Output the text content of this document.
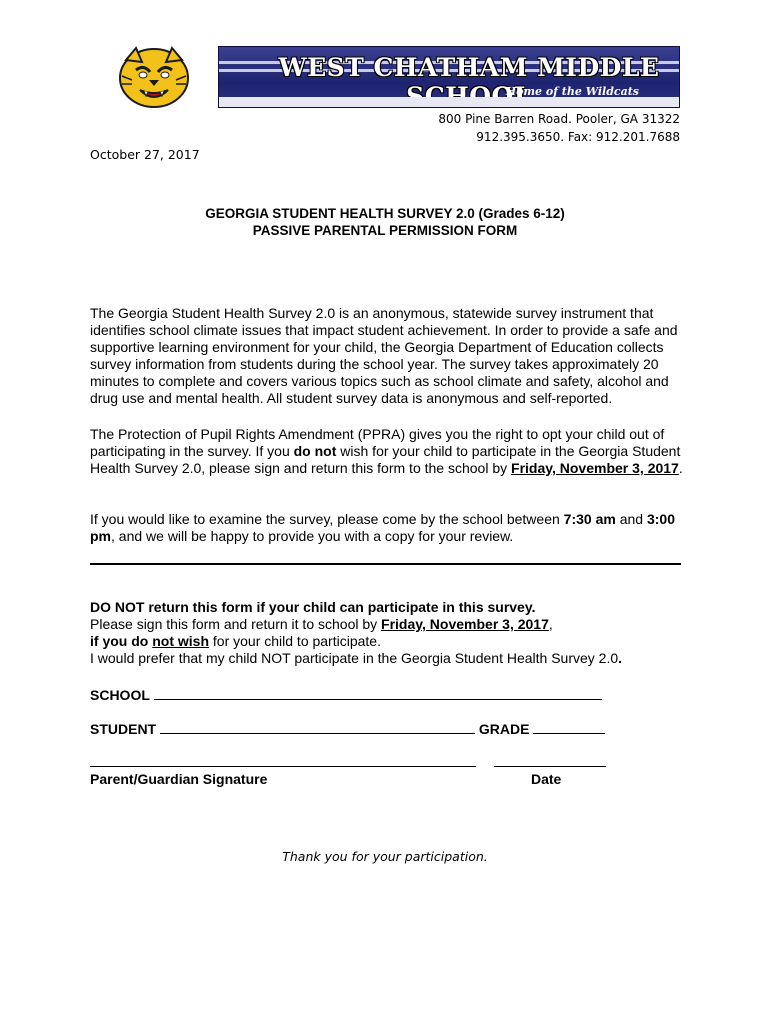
WEST CHATHAM MIDDLE
Home of the Wildcats
800 Pine Barren Road. Pooler, GA 31322
912.395.3650. Fax: 912.201.7688
October 27, 2017
GEORGIA STUDENT HEALTH SURVEY 2.0 (Grades 6-12)
PASSIVE PARENTAL PERMISSION FORM
The Georgia Student Health Survey 2.0 is an anonymous, statewide survey instrument that identifies school climate issues that impact student achievement. In order to provide a safe and supportive learning environment for your child, the Georgia Department of Education collects survey information from students during the school year. The survey takes approximately 20 minutes to complete and covers various topics such as school climate and safety, alcohol and drug use and mental health. All student survey data is anonymous and self-reported.
The Protection of Pupil Rights Amendment (PPRA) gives you the right to opt your child out of participating in the survey. If you do not wish for your child to participate in the Georgia Student Health Survey 2.0, please sign and return this form to the school by Friday, November 3, 2017.
If you would like to examine the survey, please come by the school between 7:30 am and 3:00 pm, and we will be happy to provide you with a copy for your review.
DO NOT return this form if your child can participate in this survey.
Please sign this form and return it to school by Friday, November 3, 2017,
if you do not wish for your child to participate.
I would prefer that my child NOT participate in the Georgia Student Health Survey 2.0.
SCHOOL
STUDENT	GRADE
Parent/Guardian Signature	Date
Thank you for your participation.
